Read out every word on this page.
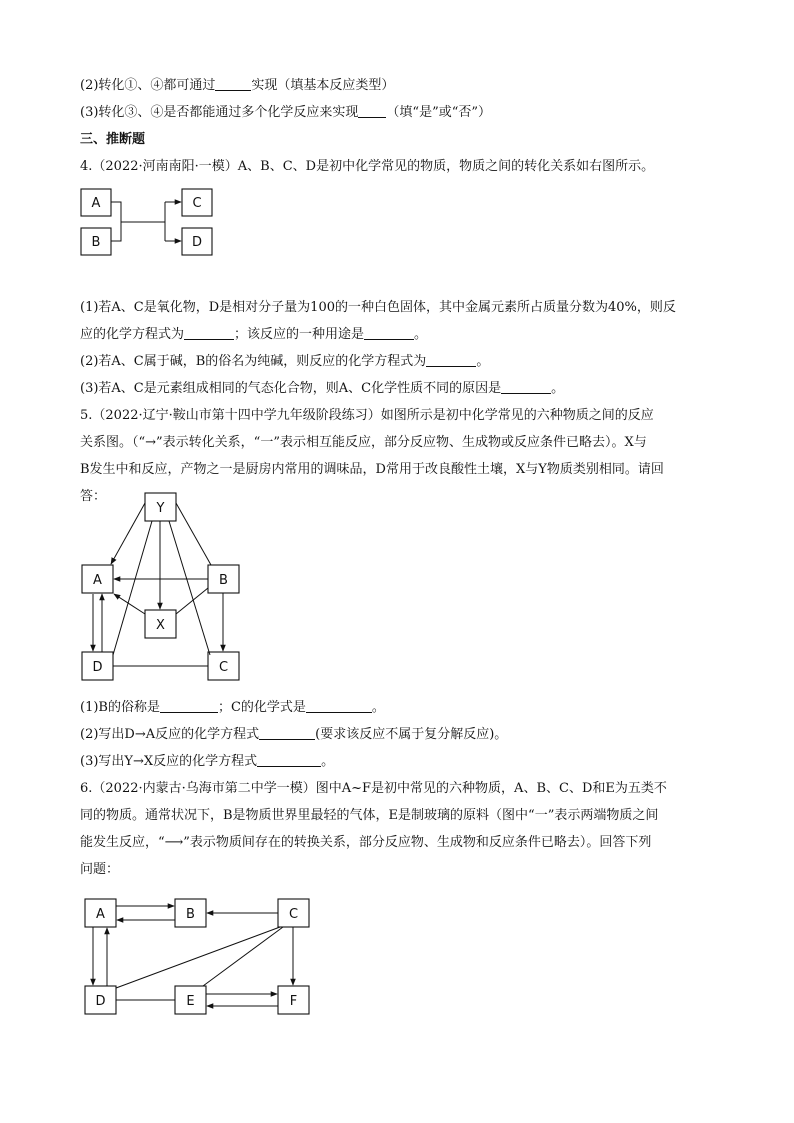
(2)转化①、④都可通过	实现（填基本反应类型）
(3)转化③、④是否都能通过多个化学反应来实现 （填“是”或“否”）
三、推断题
4.（2022·河南南阳·一模）A、B、C、D是初中化学常见的物质，物质之间的转化关系如右图所示。
A
B
C
D
Y
A	B
X
D	C
A	B	C
D	E	F
(1)若A、C是氧化物，D是相对分子量为100的一种白色固体，其中金属元素所占质量分数为40%，则反
应的化学方程式为	；该反应的一种用途是	。
(2)若A、C属于碱，B的俗名为纯碱，则反应的化学方程式为	。
(3)若A、C是元素组成相同的气态化合物，则A、C化学性质不同的原因是	。
5.（2022·辽宁·鞍山市第十四中学九年级阶段练习）如图所示是初中化学常见的六种物质之间的反应
关系图。（“→”表示转化关系，“一”表示相互能反应，部分反应物、生成物或反应条件已略去）。X与
B发生中和反应，产物之一是厨房内常用的调味品，D常用于改良酸性土壤，X与Y物质类别相同。请回
答：
(1)B的俗称是	；C的化学式是	。
(2)写出D→A反应的化学方程式	(要求该反应不属于复分解反应)。
(3)写出Y→X反应的化学方程式	。
6.（2022·内蒙古·乌海市第二中学一模）图中A~F是初中常见的六种物质，A、B、C、D和E为五类不
同的物质。通常状况下，B是物质世界里最轻的气体，E是制玻璃的原料（图中“一”表示两端物质之间
能发生反应，“⟶”表示物质间存在的转换关系，部分反应物、生成物和反应条件已略去）。回答下列
问题：
